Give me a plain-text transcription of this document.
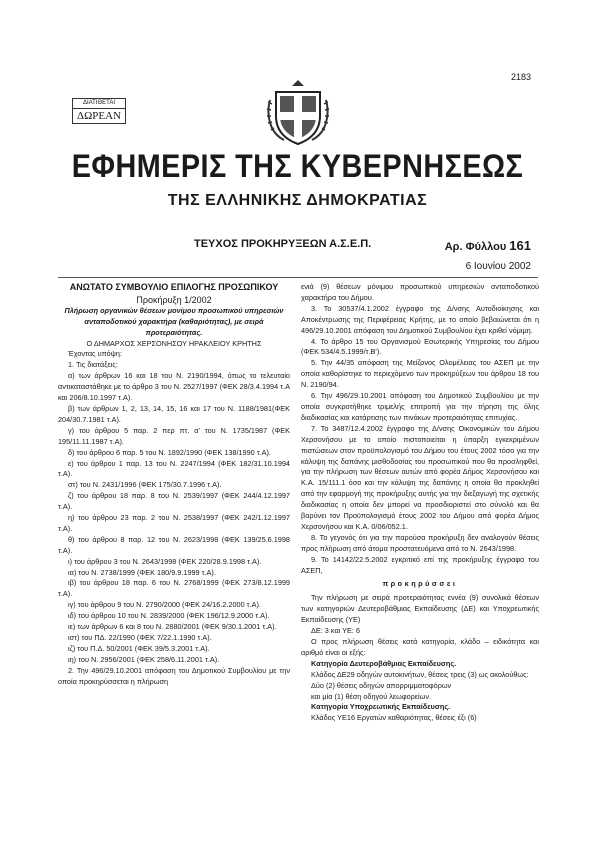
2183
ΔΙΑΤΙΘΕΤΑΙ
ΔΩΡΕΑΝ
ΕΦΗΜΕΡΙΣ ΤΗΣ ΚΥΒΕΡΝΗΣΕΩΣ
ΤΗΣ ΕΛΛΗΝΙΚΗΣ ΔΗΜΟΚΡΑΤΙΑΣ
ΤΕΥΧΟΣ ΠΡΟΚΗΡΥΞΕΩΝ Α.Σ.Ε.Π.	Αρ. Φύλλου 161
6 Ιουνίου 2002

ΑΝΩΤΑΤΟ ΣΥΜΒΟΥΛΙΟ ΕΠΙΛΟΓΗΣ ΠΡΟΣΩΠΙΚΟΥ

Προκήρυξη 1/2002

Πλήρωση οργανικών θέσεων μονίμου προσωπικού υπηρεσιών ανταποδοτικού χαρακτήρα (καθαριότητας), με σειρά προτεραιότητας.

Ο ΔΗΜΑΡΧΟΣ ΧΕΡΣΟΝΗΣΟΥ ΗΡΑΚΛΕΙΟΥ ΚΡΗΤΗΣ

Έχοντας υπόψη:

1. Τις διατάξεις:

α) των άρθρων 16 και 18 του Ν. 2190/1994, όπως το τελευταίο αντικαταστάθηκε με το άρθρο 3 του Ν. 2527/1997 (ΦΕΚ 28/3.4.1994 τ.Α και 206/8.10.1997 τ.Α).

β) των άρθρων 1, 2, 13, 14, 15, 16 και 17 του Ν. 1188/1981(ΦΕΚ 204/30.7.1981 τ.Α).

γ) του άρθρου 5 παρ. 2 περ πτ. α' του Ν. 1735/1987 (ΦΕΚ 195/11.11.1987 τ.Α).

δ) του άρθρου 6 παρ. 5 του Ν. 1892/1990 (ΦΕΚ 138/1990 τ.Α).

ε) του άρθρου 1 παρ. 13 του Ν. 2247/1994 (ΦΕΚ 182/31.10.1994 τ.Α).

στ) του Ν. 2431/1996 (ΦΕΚ 175/30.7.1996 τ.Α).

ζ) του άρθρου 18 παρ. 8 του Ν. 2539/1997 (ΦΕΚ 244/4.12.1997 τ.Α).

η) του άρθρου 23 παρ. 2 του Ν. 2538/1997 (ΦΕΚ 242/1.12.1997 τ.Α).

θ) του άρθρου 8 παρ. 12 του Ν. 2623/1998 (ΦΕΚ 139/25.6.1998 τ.Α).

ι) του άρθρου 3 του Ν. 2643/1998 (ΦΕΚ 220/28.9.1998 τ.Α).

ια) του Ν. 2738/1999 (ΦΕΚ 180/9.9.1999 τ.Α).

ιβ) του άρθρου 18 παρ. 6 του Ν. 2768/1999 (ΦΕΚ 273/8.12.1999 τ.Α).

ιγ) του άρθρου 9 του Ν. 2790/2000 (ΦΕΚ 24/16.2.2000 τ.Α).

ιδ) του άρθρου 10 του Ν. 2839/2000 (ΦΕΚ 196/12.9.2000 τ.Α).

ιε) των άρθρων 6 και 8 του Ν. 2880/2001 (ΦΕΚ 9/30.1.2001 τ.Α).

ιστ) του ΠΔ. 22/1990 (ΦΕΚ 7/22.1.1990 τ.Α).

ιζ) του Π.Δ. 50/2001 (ΦΕΚ 39/5.3.2001 τ.Α).

ιη) του Ν. 2956/2001 (ΦΕΚ 258/6.11.2001 τ.Α).

2. Την 496/29.10.2001 απόφαση του Δημοτικού Συμβουλίου με την οποία προκηρύσσεται η πλήρωση

ενιά (9) θέσεων μόνιμου προσωπικού υπηρεσιών ανταποδοτικού χαρακτήρα του Δήμου.

3. Το 30537/4.1.2002 έγγραφο της Δ/νσης Αυτοδιοίκησης και Αποκέντρωσης της Περιφέρειας Κρήτης, με το οποίο βεβαιώνεται ότι η 496/29.10.2001 απόφαση του Δημοτικού Συμβουλίου έχει κριθεί νόμιμη.

4. Το άρθρο 15 του Οργανισμού Εσωτερικής Υπηρεσίας του Δήμου (ΦΕΚ 534/4.5.1999/τ.Β').

5. Την 44/35 απόφαση της Μείζονος Ολομέλειας του ΑΣΕΠ με την οποία καθορίστηκε το περιεχόμενο των προκηρύξεων του άρθρου 18 του Ν. 2190/94.

6. Την 496/29.10.2001 απόφαση του Δημοτικού Συμβουλίου με την οποία συγκροτήθηκε τριμελής επιτροπή για την τήρηση της όλης διαδικασίας και κατάρτισης των πινάκων προτεραιότητας επιτυχίας.

7. Το 3487/12.4.2002 έγγραφο της Δ/νσης Οικονομικών του Δήμου Χερσονήσου με το οποίο πιστοποιείται η ύπαρξη εγκεκριμένων πιστώσεων στον προϋπολογισμό του Δήμου του έτους 2002 τόσο για την κάλυψη της δαπάνης μισθοδοσίας του προσωπικού που θα προσληφθεί, για την πλήρωση των θέσεων αυτών από φορέα Δήμος Χερσονήσου και Κ.Α. 15/111.1 όσο και την κάλυψη της δαπάνης η οποία θα προκληθεί από την εφαρμογή της προκήρυξης αυτής για την διεξαγωγή της σχετικής διαδικασίας η οποία δεν μπορεί να προσδιοριστεί στο σύνολό και θα βαρύνει τον Προϋπολογισμό έτους 2002 του Δήμου από φορέα Δήμος Χερσονήσου και Κ.Α. 0/06/052.1.

8. Το γεγονός ότι για την παρούσα προκήρυξη δεν αναλογούν θέσεις προς πλήρωση από άτομα προστατευόμενα από το Ν. 2643/1998.

9. Το 14142/22.5.2002 εγκριτικό επί της προκήρυξης έγγραφο του ΑΣΕΠ,

προκηρύσσει

Την πλήρωση με σειρά προτεραιότητας εννέα (9) συνολικά θέσεων των κατηγοριών Δευτεροβάθμιας Εκπαίδευσης (ΔΕ) και Υποχρεωτικής Εκπαίδευσης (ΥΕ)

ΔΕ: 3 και ΥΕ: 6

Ο προς πλήρωση θέσεις κατά κατηγορία, κλάδο – ειδικότητα και αριθμό είναι οι εξής:

Κατηγορία Δευτεροβάθμιας Εκπαίδευσης.

Κλάδος ΔΕ29 οδηγών αυτοκινήτων, θέσεις τρεις (3) ως ακολούθως:

Δύο (2) θέσεις οδηγών απορριμματοφόρων

και μία (1) θέση οδηγού λεωφορείων.

Κατηγορία Υποχρεωτικής Εκπαίδευσης.

Κλάδος ΥΕ16 Εργατών καθαριότητας, θέσεις έξι (6)
